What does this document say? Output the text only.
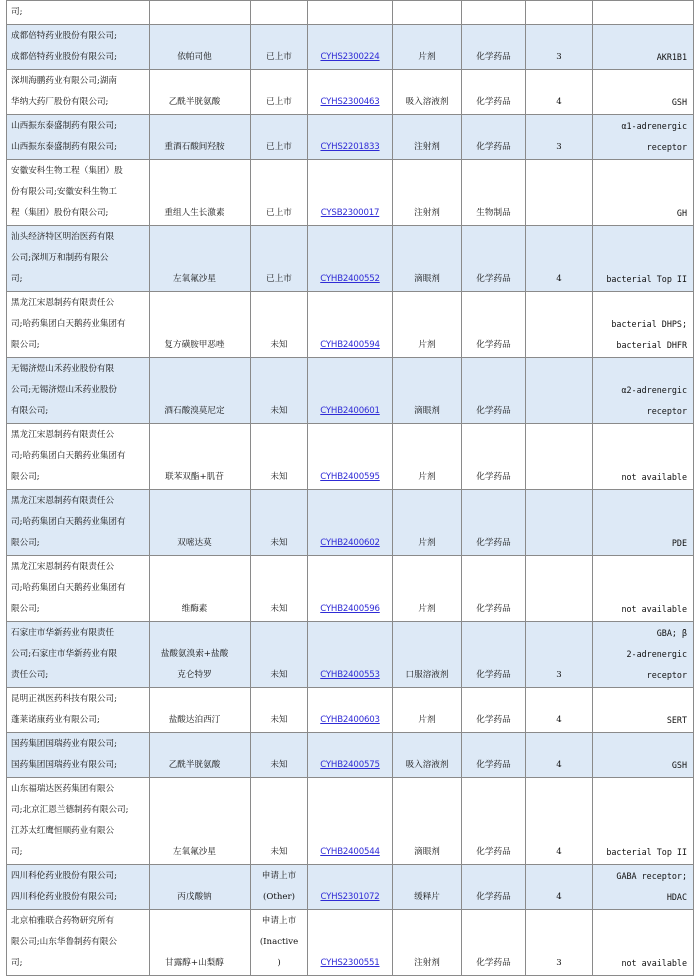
司;							

成都倍特药业股份有限公司;
成都倍特药业股份有限公司;	依帕司他	已上市	CYHS2300224	片剂	化学药品	3	AKR1B1

深圳海鹏药业有限公司;湖南
华纳大药厂股份有限公司;	乙酰半胱氨酸	已上市	CYHS2300463	吸入溶液剂	化学药品	4	GSH

山西振东泰盛制药有限公司;
山西振东泰盛制药有限公司;	重酒石酸间羟胺	已上市	CYHS2201833	注射剂	化学药品	3	α1-adrenergic
receptor

安徽安科生物工程（集团）股
份有限公司;安徽安科生物工
程（集团）股份有限公司;	重组人生长激素	已上市	CYSB2300017	注射剂	生物制品		GH

汕头经济特区明治医药有限
公司;深圳万和制药有限公
司;	左氧氟沙星	已上市	CYHB2400552	滴眼剂	化学药品	4	bacterial Top II

黑龙江宋恩制药有限责任公
司;哈药集团白天鹅药业集团有
限公司;	复方磺胺甲恶唑	未知	CYHB2400594	片剂	化学药品		bacterial DHPS;
bacterial DHFR

无锡济煜山禾药业股份有限
公司;无锡济煜山禾药业股份
有限公司;	酒石酸溴莫尼定	未知	CYHB2400601	滴眼剂	化学药品		α2-adrenergic
receptor

黑龙江宋恩制药有限责任公
司;哈药集团白天鹅药业集团有
限公司;	联苯双酯+肌苷	未知	CYHB2400595	片剂	化学药品		not available

黑龙江宋恩制药有限责任公
司;哈药集团白天鹅药业集团有
限公司;	双嘧达莫	未知	CYHB2400602	片剂	化学药品		PDE

黑龙江宋恩制药有限责任公
司;哈药集团白天鹅药业集团有
限公司;	维酶素	未知	CYHB2400596	片剂	化学药品		not available

石家庄市华新药业有限责任
公司;石家庄市华新药业有限
责任公司;	盐酸氨溴索+盐酸
克仑特罗	未知	CYHB2400553	口服溶液剂	化学药品	3	GBA; β
2-adrenergic
receptor

昆明正祺医药科技有限公司;
蓬莱诺康药业有限公司;	盐酸达泊西汀	未知	CYHB2400603	片剂	化学药品	4	SERT

国药集团国瑞药业有限公司;
国药集团国瑞药业有限公司;	乙酰半胱氨酸	未知	CYHB2400575	吸入溶液剂	化学药品	4	GSH

山东福瑞达医药集团有限公
司;北京汇恩兰德制药有限公司;
江苏太红鹰恒顺药业有限公
司;	左氧氟沙星	未知	CYHB2400544	滴眼剂	化学药品	4	bacterial Top II

四川科伦药业股份有限公司;
四川科伦药业股份有限公司;	丙戊酸钠	申请上市
(Other)	CYHS2301072	缓释片	化学药品	4	GABA receptor;
HDAC

北京柏雅联合药物研究所有
限公司;山东华鲁制药有限公
司;	甘露醇+山梨醇	申请上市
(Inactive
)	CYHS2300551	注射剂	化学药品	3	not available
